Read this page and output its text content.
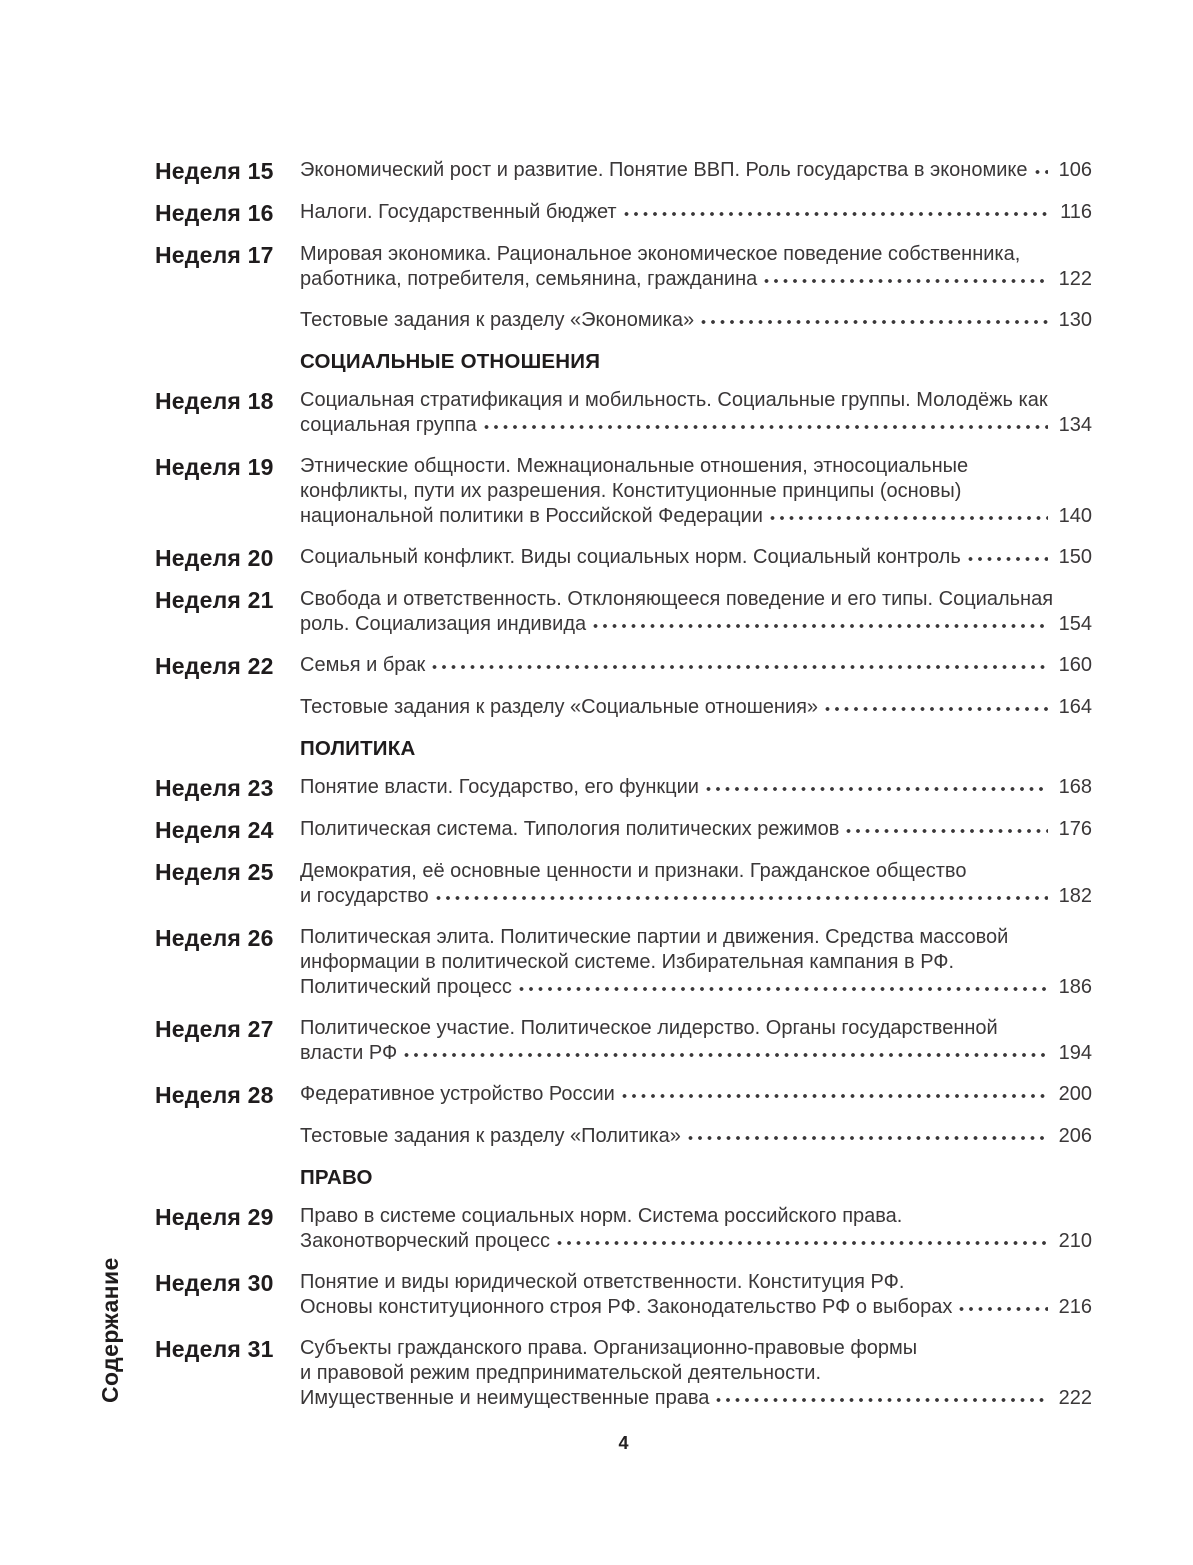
Содержание
Неделя 15	Экономический рост и развитие. Понятие ВВП. Роль государства в экономике 106
Неделя 16	Налоги. Государственный бюджет	116
Неделя 17	Мировая экономика. Рациональное экономическое поведение собственника,
работника, потребителя, семьянина, гражданина	122
Тестовые задания к разделу «Экономика»	130
СОЦИАЛЬНЫЕ ОТНОШЕНИЯ
Неделя 18	Социальная стратификация и мобильность. Социальные группы. Молодёжь как
социальная группа	134
Неделя 19	Этнические общности. Межнациональные отношения, этносоциальные
конфликты, пути их разрешения. Конституционные принципы (основы)
национальной политики в Российской Федерации	140
Неделя 20	Социальный конфликт. Виды социальных норм. Социальный контроль	150
Неделя 21	Свобода и ответственность. Отклоняющееся поведение и его типы. Социальная
роль. Социализация индивида	154
Неделя 22	Семья и брак	160
Тестовые задания к разделу «Социальные отношения»	164
ПОЛИТИКА
Неделя 23	Понятие власти. Государство, его функции	168
Неделя 24	Политическая система. Типология политических режимов	176
Неделя 25	Демократия, её основные ценности и признаки. Гражданское общество
и государство	182
Неделя 26	Политическая элита. Политические партии и движения. Средства массовой
информации в политической системе. Избирательная кампания в РФ.
Политический процесс	186
Неделя 27	Политическое участие. Политическое лидерство. Органы государственной
власти РФ	194
Неделя 28	Федеративное устройство России	200
Тестовые задания к разделу «Политика»	206
ПРАВО
Неделя 29	Право в системе социальных норм. Система российского права.
Законотворческий процесс	210
Неделя 30	Понятие и виды юридической ответственности. Конституция РФ.
Основы конституционного строя РФ. Законодательство РФ о выборах	216
Неделя 31	Субъекты гражданского права. Организационно-правовые формы
и правовой режим предпринимательской деятельности.
Имущественные и неимущественные права	222
4
